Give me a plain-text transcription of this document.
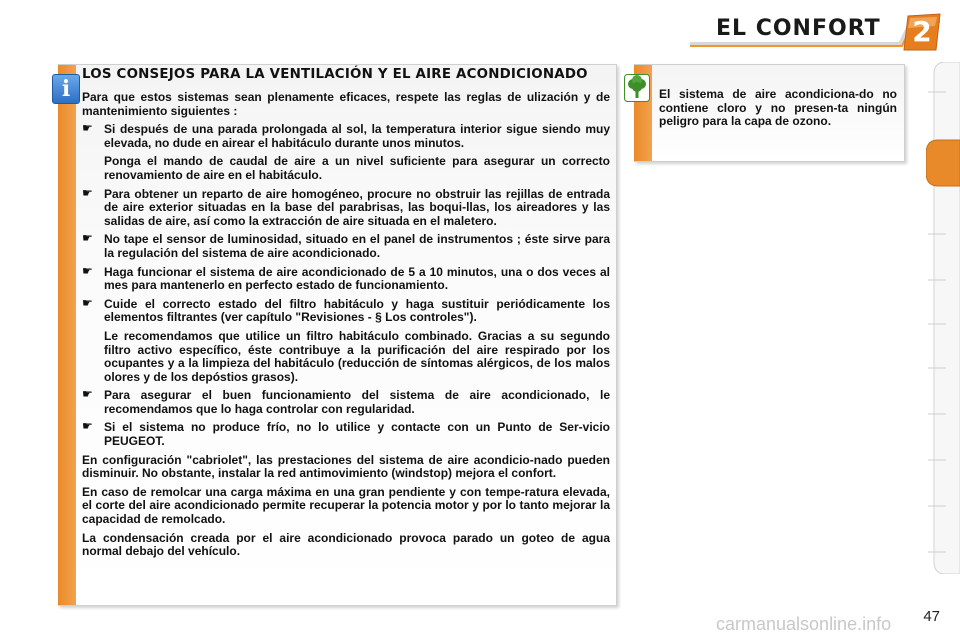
EL CONFORT	2
i
LOS CONSEJOS PARA LA VENTILACIÓN Y EL AIRE ACONDICIONADO

Para que estos sistemas sean plenamente eficaces, respete las reglas de ulización y de mantenimiento siguientes :

☛ Si después de una parada prolongada al sol, la temperatura interior sigue siendo muy elevada, no dude en airear el habitáculo durante unos minutos.

Ponga el mando de caudal de aire a un nivel suficiente para asegurar un correcto renovamiento de aire en el habitáculo.

☛ Para obtener un reparto de aire homogéneo, procure no obstruir las rejillas de entrada de aire exterior situadas en la base del parabrisas, las boqui-llas, los aireadores y las salidas de aire, así como la extracción de aire situada en el maletero.
☛ No tape el sensor de luminosidad, situado en el panel de instrumentos ; éste sirve para la regulación del sistema de aire acondicionado.
☛ Haga funcionar el sistema de aire acondicionado de 5 a 10 minutos, una o dos veces al mes para mantenerlo en perfecto estado de funcionamiento.
☛ Cuide el correcto estado del filtro habitáculo y haga sustituir periódicamente los elementos filtrantes (ver capítulo "Revisiones - § Los controles").

Le recomendamos que utilice un filtro habitáculo combinado. Gracias a su segundo filtro activo específico, éste contribuye a la purificación del aire respirado por los ocupantes y a la limpieza del habitáculo (reducción de síntomas alérgicos, de los malos olores y de los depóstios grasos).

☛ Para asegurar el buen funcionamiento del sistema de aire acondicionado, le recomendamos que lo haga controlar con regularidad.
☛ Si el sistema no produce frío, no lo utilice y contacte con un Punto de Ser-vicio PEUGEOT.

En configuración "cabriolet", las prestaciones del sistema de aire acondicio-nado pueden disminuir. No obstante, instalar la red antimovimiento (windstop) mejora el confort.

En caso de remolcar una carga máxima en una gran pendiente y con tempe-ratura elevada, el corte del aire acondicionado permite recuperar la potencia motor y por lo tanto mejorar la capacidad de remolcado.

La condensación creada por el aire acondicionado provoca parado un goteo de agua normal debajo del vehículo.

El sistema de aire acondiciona-do no contiene cloro y no presen-ta ningún peligro para la capa de ozono.
47
carmanualsonline.info
